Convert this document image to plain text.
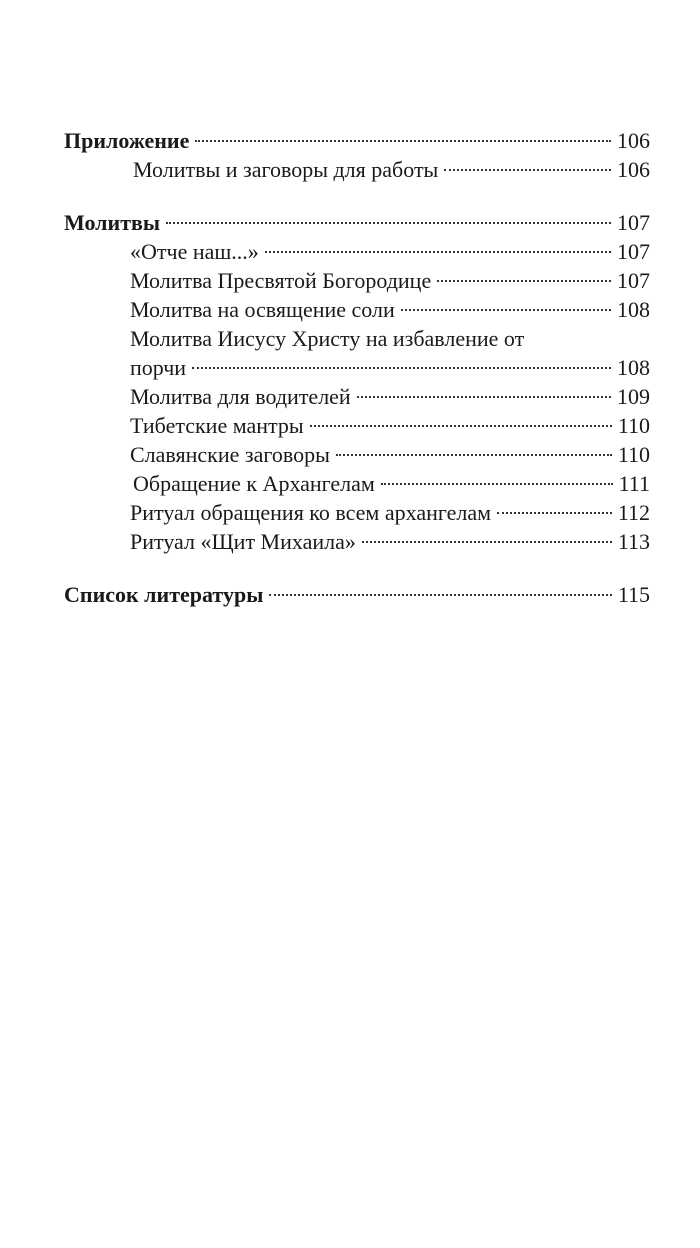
Приложение	106
Молитвы и заговоры для работы	106
Молитвы	107
«Отче наш...»	107
Молитва Пресвятой Богородице	107
Молитва на освящение соли	108
Молитва Иисусу Христу на избавление от
порчи	108
Молитва для водителей	109
Тибетские мантры	110
Славянские заговоры	110
Обращение к Архангелам	111
Ритуал обращения ко всем архангелам	112
Ритуал «Щит Михаила»	113
Список литературы	115
